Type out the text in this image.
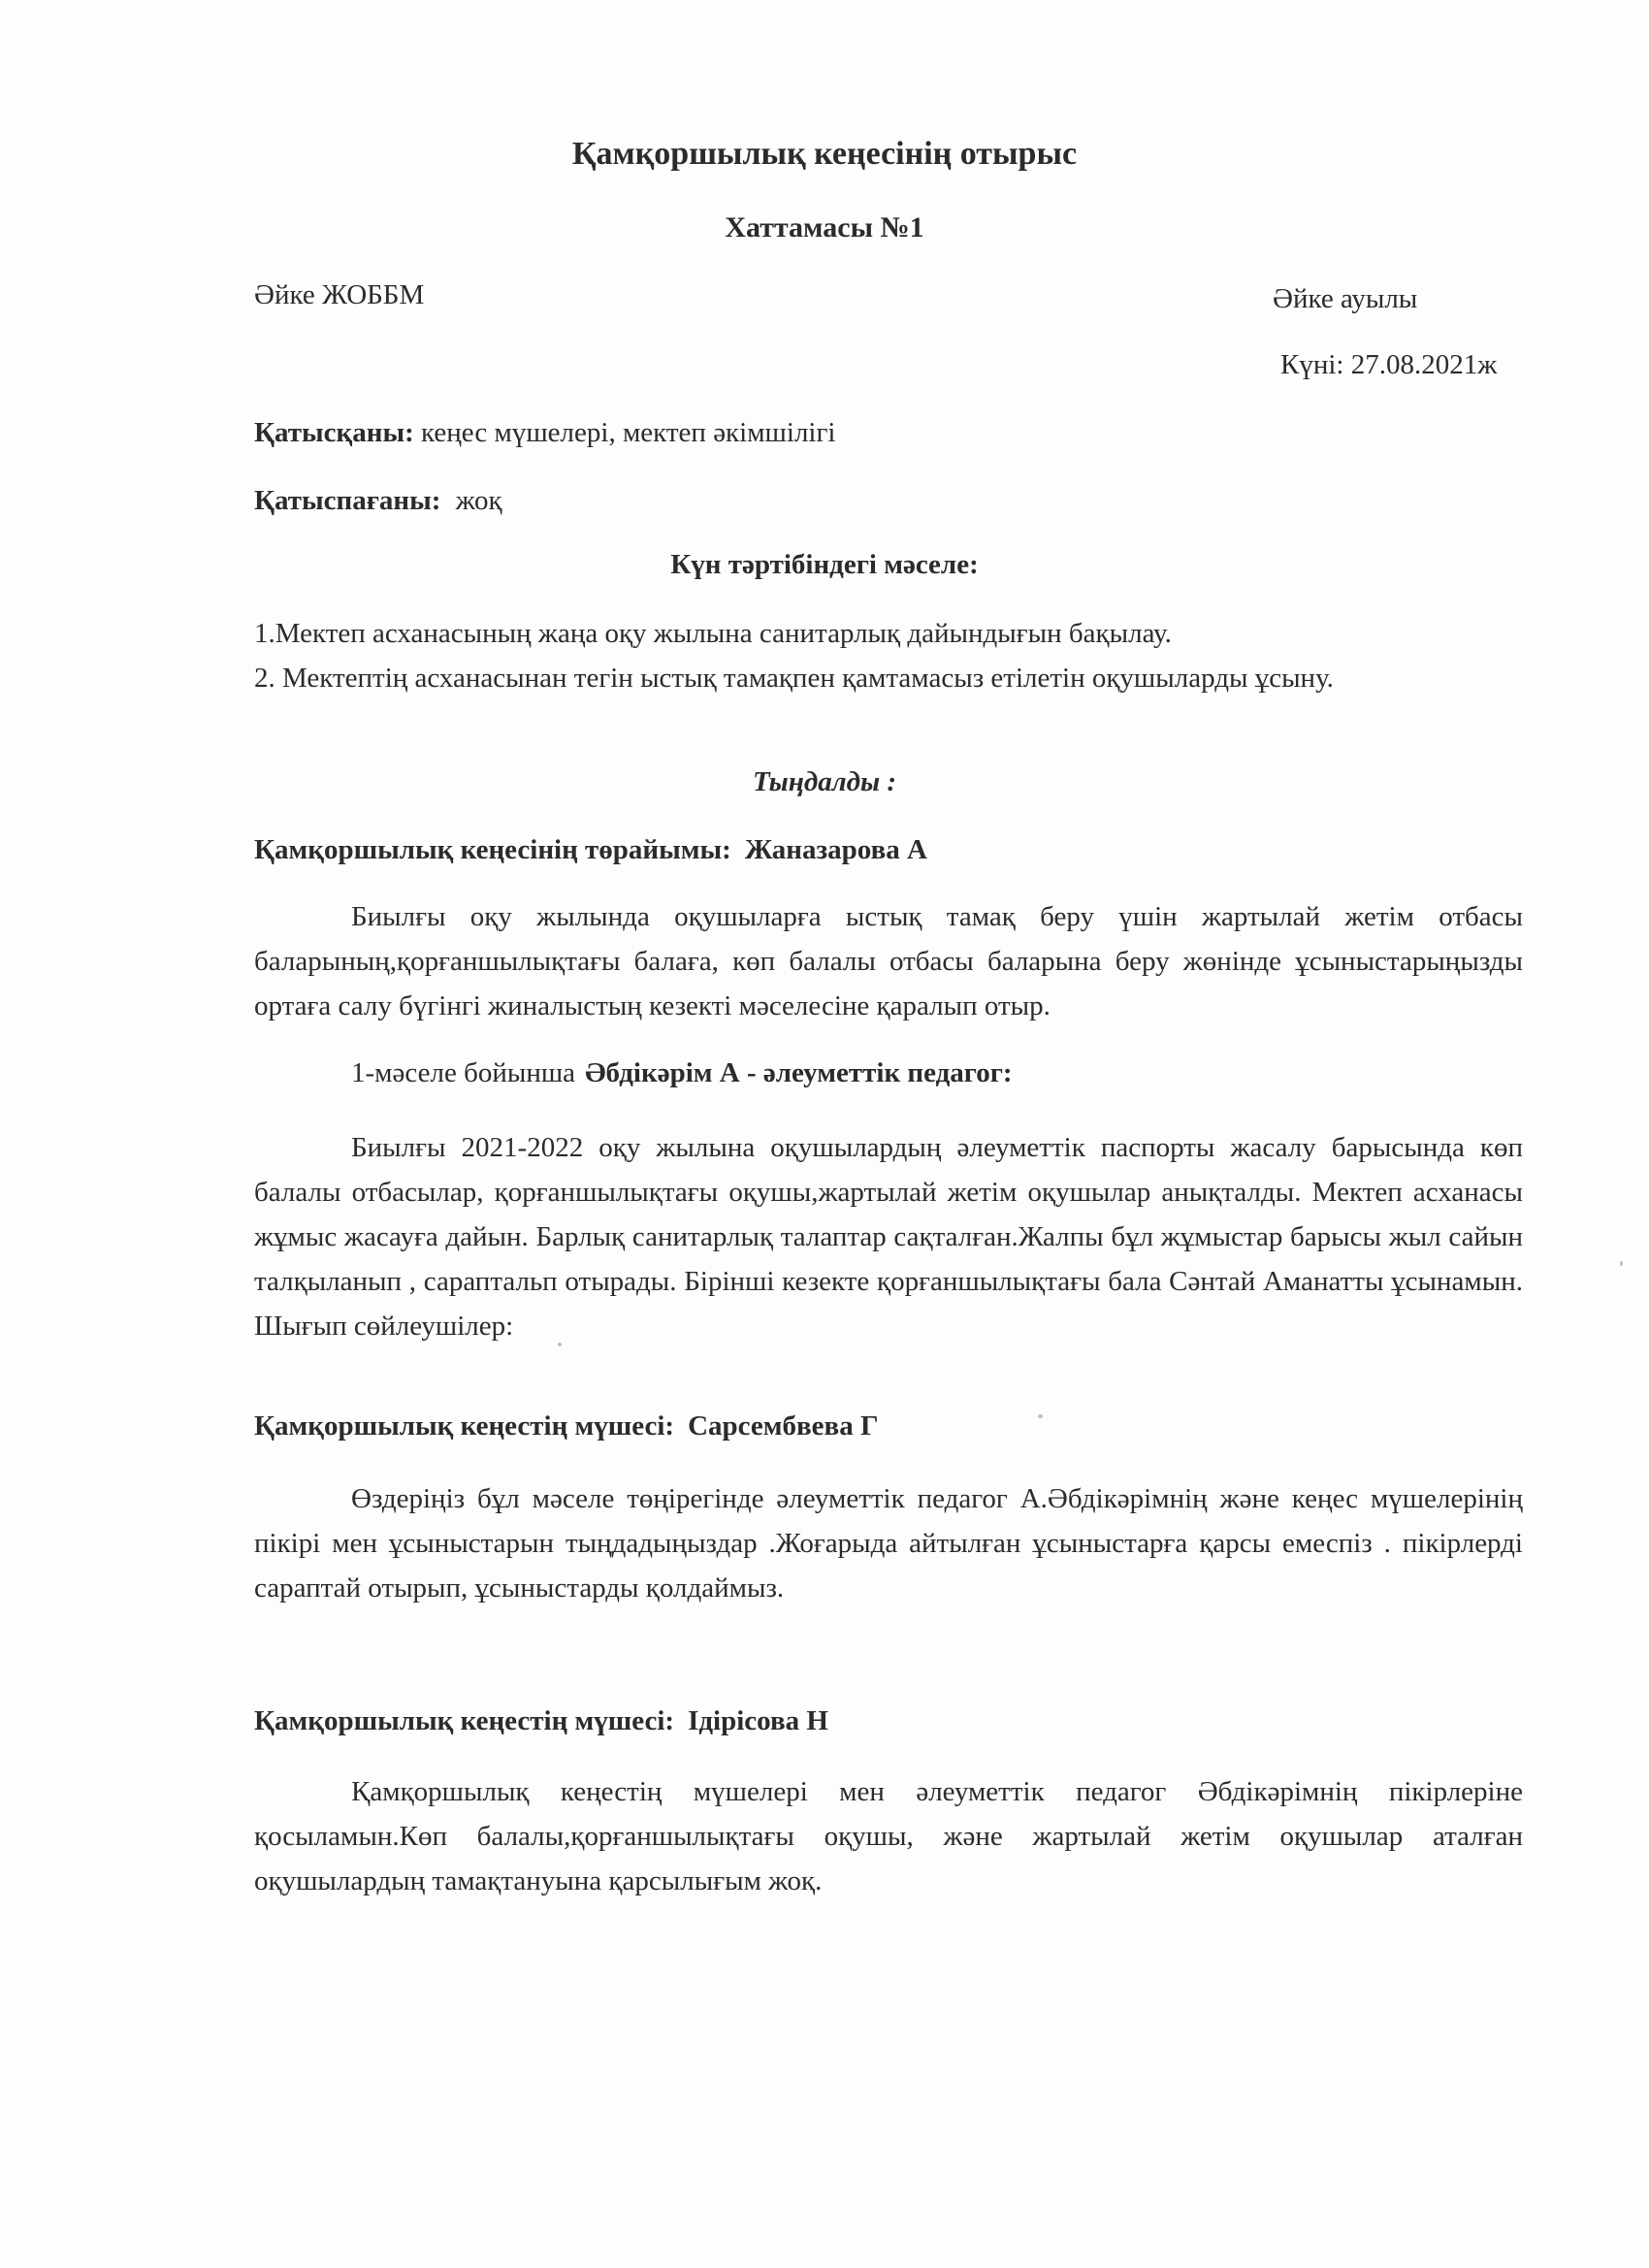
Қамқоршылық кеңесінің отырыс
Хаттамасы №1
Әйке ЖОББМ	Әйке ауылы
Күні: 27.08.2021ж
Қатысқаны: кеңес мүшелері, мектеп әкімшілігі
Қатыспағаны: жоқ
Күн тәртібіндегі мәселе:
1.Мектеп асханасының жаңа оқу жылына санитарлық дайындығын бақылау.
2. Мектептің асханасынан тегін ыстық тамақпен қамтамасыз етілетін оқушыларды ұсыну.
Тыңдалды :
Қамқоршылық кеңесінің төрайымы: Жаназарова А
Биылғы оқу жылында оқушыларға ыстық тамақ беру үшін жартылай жетім отбасы баларының,қорғаншылықтағы балаға, көп балалы отбасы баларына беру жөнінде ұсыныстарыңызды ортаға салу бүгінгі жиналыстың кезекті мәселесіне қаралып отыр.
1-мәселе бойынша Әбдікәрім А - әлеуметтік педагог:
Биылғы 2021-2022 оқу жылына оқушылардың әлеуметтік паспорты жасалу барысында көп балалы отбасылар, қорғаншылықтағы оқушы,жартылай жетім оқушылар анықталды. Мектеп асханасы жұмыс жасауға дайын. Барлық санитарлық талаптар сақталған.Жалпы бұл жұмыстар барысы жыл сайын талқыланып , сараптальп отырады. Бірінші кезекте қорғаншылықтағы бала Сәнтай Аманатты ұсынамын. Шығып сөйлеушілер:
Қамқоршылық кеңестің мүшесі: Сарсембвева Г
Өздеріңіз бұл мәселе төңірегінде әлеуметтік педагог А.Әбдікәрімнің және кеңес мүшелерінің пікірі мен ұсыныстарын тыңдадыңыздар .Жоғарыда айтылған ұсыныстарға қарсы емеспіз . пікірлерді сараптай отырып, ұсыныстарды қолдаймыз.
Қамқоршылық кеңестің мүшесі: Ідірісова Н
Қамқоршылық кеңестің мүшелері мен әлеуметтік педагог Әбдікәрімнің пікірлеріне қосыламын.Көп балалы,қорғаншылықтағы оқушы, және жартылай жетім оқушылар аталған оқушылардың тамақтануына қарсылығым жоқ.
